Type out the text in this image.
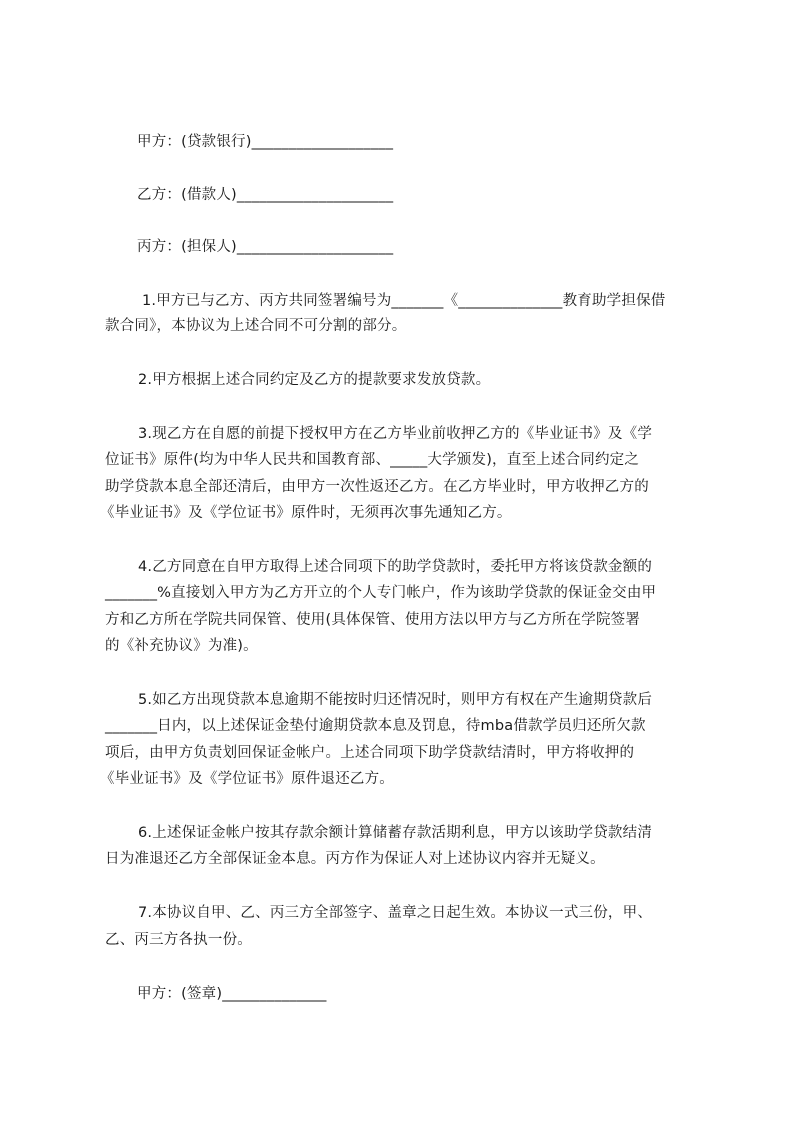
甲方：(贷款银行)___________________
乙方：(借款人)_____________________
丙方：(担保人)_____________________
1.甲方已与乙方、丙方共同签署编号为_______《______________教育助学担保借
款合同》，本协议为上述合同不可分割的部分。
2.甲方根据上述合同约定及乙方的提款要求发放贷款。
3.现乙方在自愿的前提下授权甲方在乙方毕业前收押乙方的《毕业证书》及《学
位证书》原件(均为中华人民共和国教育部、_____大学颁发)，直至上述合同约定之
助学贷款本息全部还清后，由甲方一次性返还乙方。在乙方毕业时，甲方收押乙方的
《毕业证书》及《学位证书》原件时，无须再次事先通知乙方。
4.乙方同意在自甲方取得上述合同项下的助学贷款时，委托甲方将该贷款金额的
_______%直接划入甲方为乙方开立的个人专门帐户，作为该助学贷款的保证金交由甲
方和乙方所在学院共同保管、使用(具体保管、使用方法以甲方与乙方所在学院签署
的《补充协议》为准)。
5.如乙方出现贷款本息逾期不能按时归还情况时，则甲方有权在产生逾期贷款后
_______日内，以上述保证金垫付逾期贷款本息及罚息，待mba借款学员归还所欠款
项后，由甲方负责划回保证金帐户。上述合同项下助学贷款结清时，甲方将收押的
《毕业证书》及《学位证书》原件退还乙方。
6.上述保证金帐户按其存款余额计算储蓄存款活期利息，甲方以该助学贷款结清
日为准退还乙方全部保证金本息。丙方作为保证人对上述协议内容并无疑义。
7.本协议自甲、乙、丙三方全部签字、盖章之日起生效。本协议一式三份，甲、
乙、丙三方各执一份。
甲方：(签章)______________
